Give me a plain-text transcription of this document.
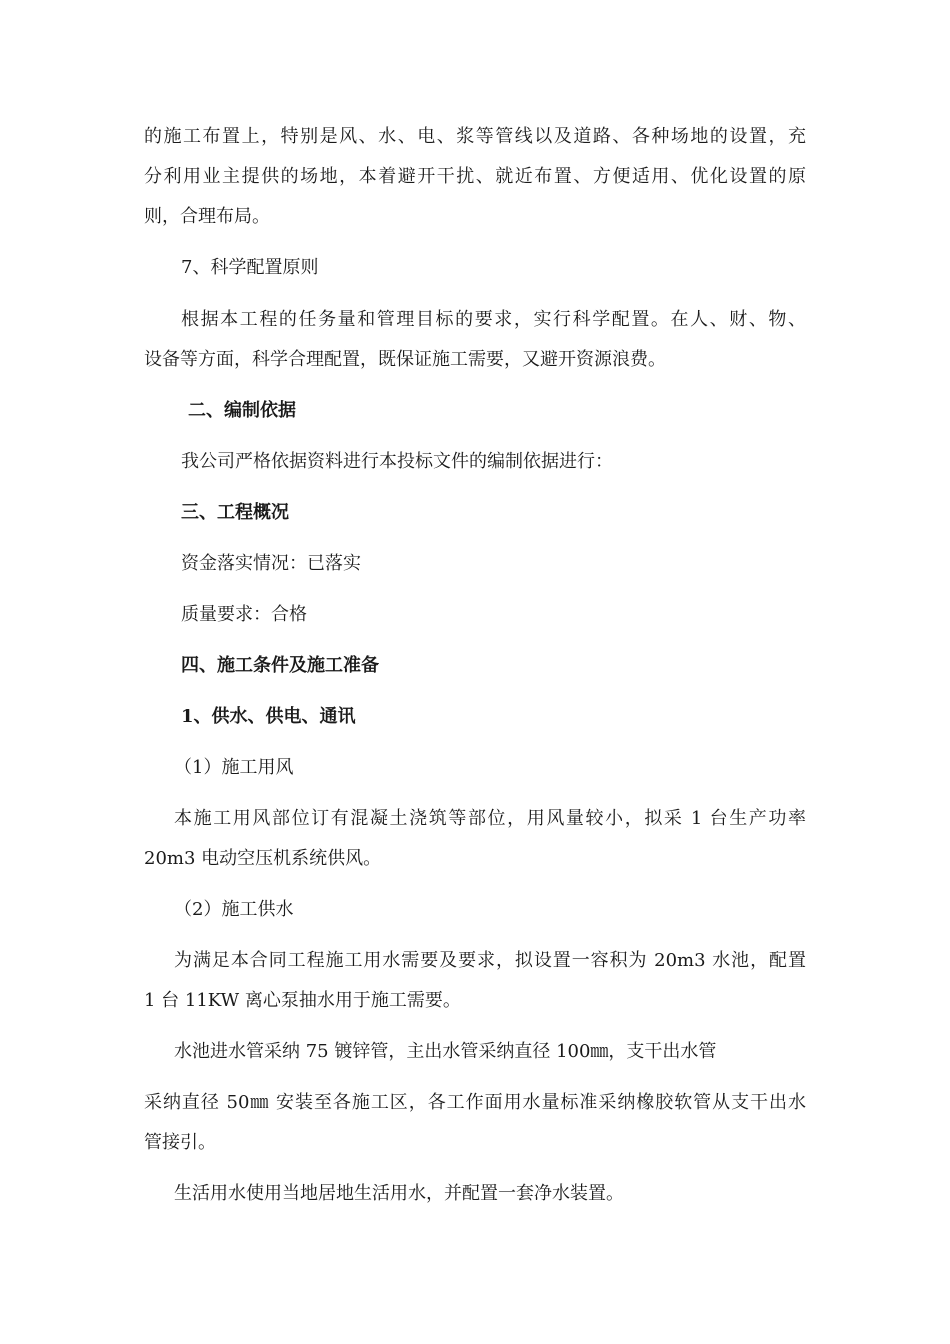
的施工布置上，特别是风、水、电、浆等管线以及道路、各种场地的设置，充
分利用业主提供的场地，本着避开干扰、就近布置、方便适用、优化设置的原
则，合理布局。
7、科学配置原则
根据本工程的任务量和管理目标的要求，实行科学配置。在人、财、物、
设备等方面，科学合理配置，既保证施工需要，又避开资源浪费。
二、编制依据
我公司严格依据资料进行本投标文件的编制依据进行：
三、工程概况
资金落实情况：已落实
质量要求：合格
四、施工条件及施工准备
1、供水、供电、通讯
（1）施工用风
本施工用风部位订有混凝土浇筑等部位，用风量较小，拟采 1 台生产功率
20m3 电动空压机系统供风。
（2）施工供水
为满足本合同工程施工用水需要及要求，拟设置一容积为 20m3 水池，配置
1 台 11KW 离心泵抽水用于施工需要。
水池进水管采纳 75 镀锌管，主出水管采纳直径 100㎜，支干出水管
采纳直径 50㎜ 安装至各施工区，各工作面用水量标准采纳橡胶软管从支干出水
管接引。
生活用水使用当地居地生活用水，并配置一套净水装置。
